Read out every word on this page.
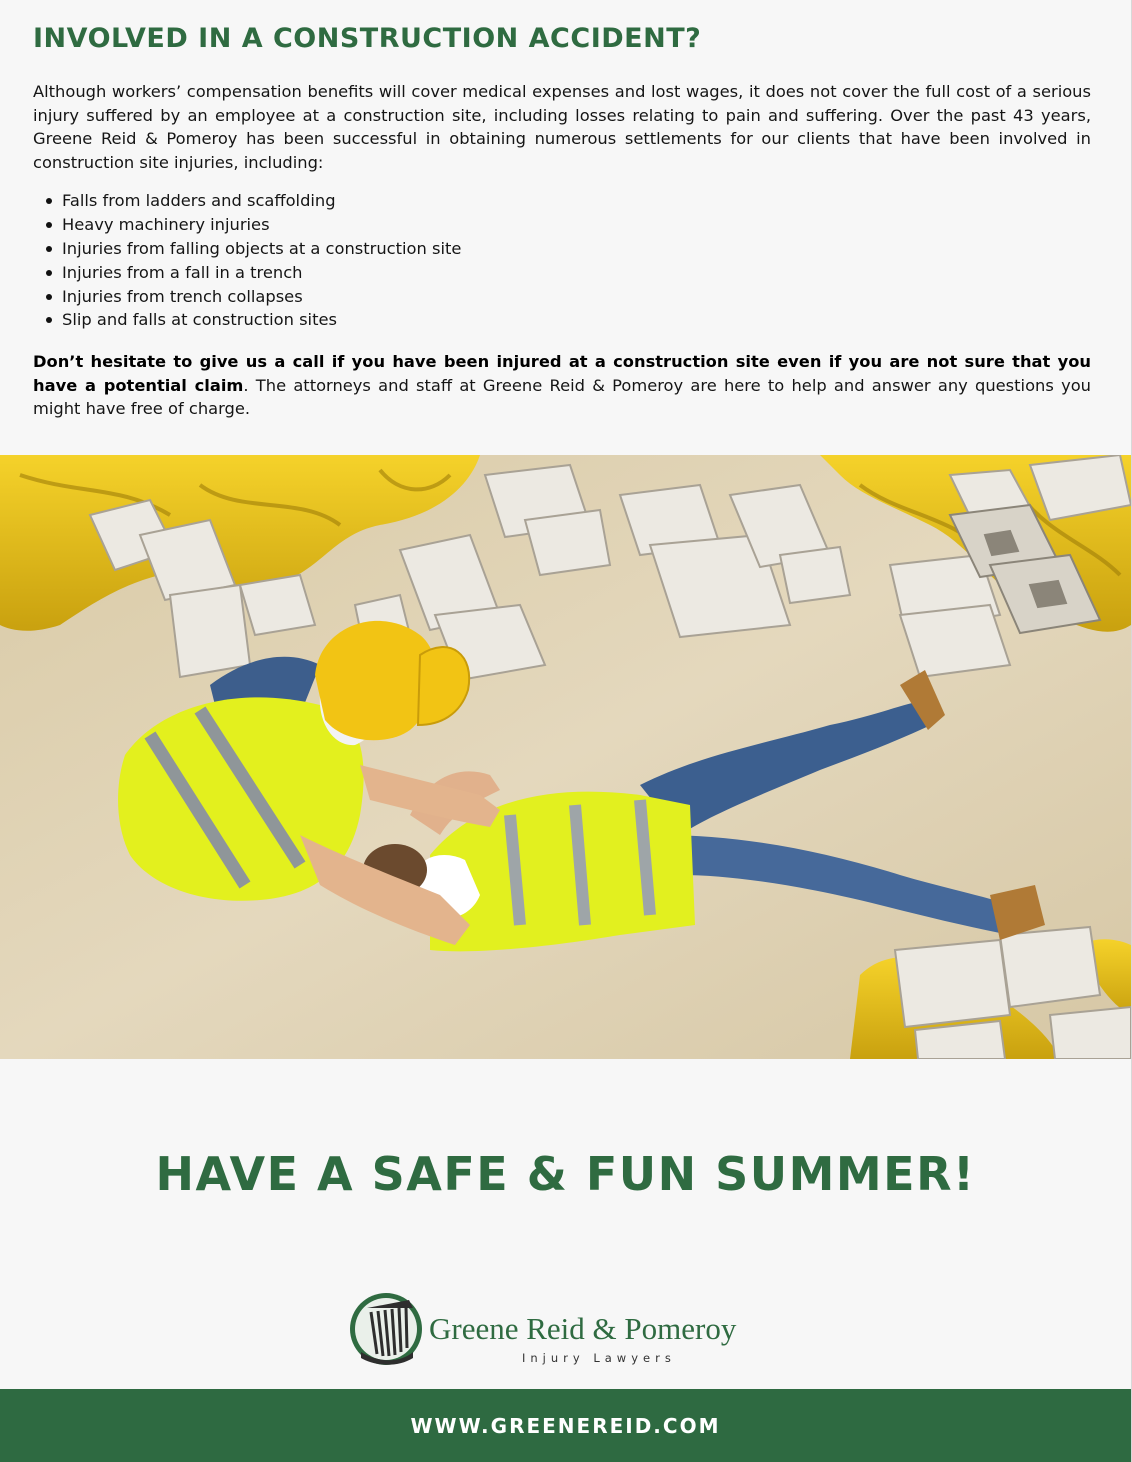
INVOLVED IN A CONSTRUCTION ACCIDENT?

Although workers’ compensation benefits will cover medical expenses and lost wages, it does not cover the full cost of a serious injury suffered by an employee at a construction site, including losses relating to pain and suffering. Over the past 43 years, Greene Reid & Pomeroy has been successful in obtaining numerous settlements for our clients that have been involved in construction site injuries, including:

Falls from ladders and scaffolding
Heavy machinery injuries
Injuries from falling objects at a construction site
Injuries from a fall in a trench
Injuries from trench collapses
Slip and falls at construction sites

Don’t hesitate to give us a call if you have been injured at a construction site even if you are not sure that you have a potential claim. The attorneys and staff at Greene Reid & Pomeroy are here to help and answer any questions you might have free of charge.

HAVE A SAFE & FUN SUMMER!
Greene Reid & Pomeroy
Injury Lawyers
WWW.GREENEREID.COM
